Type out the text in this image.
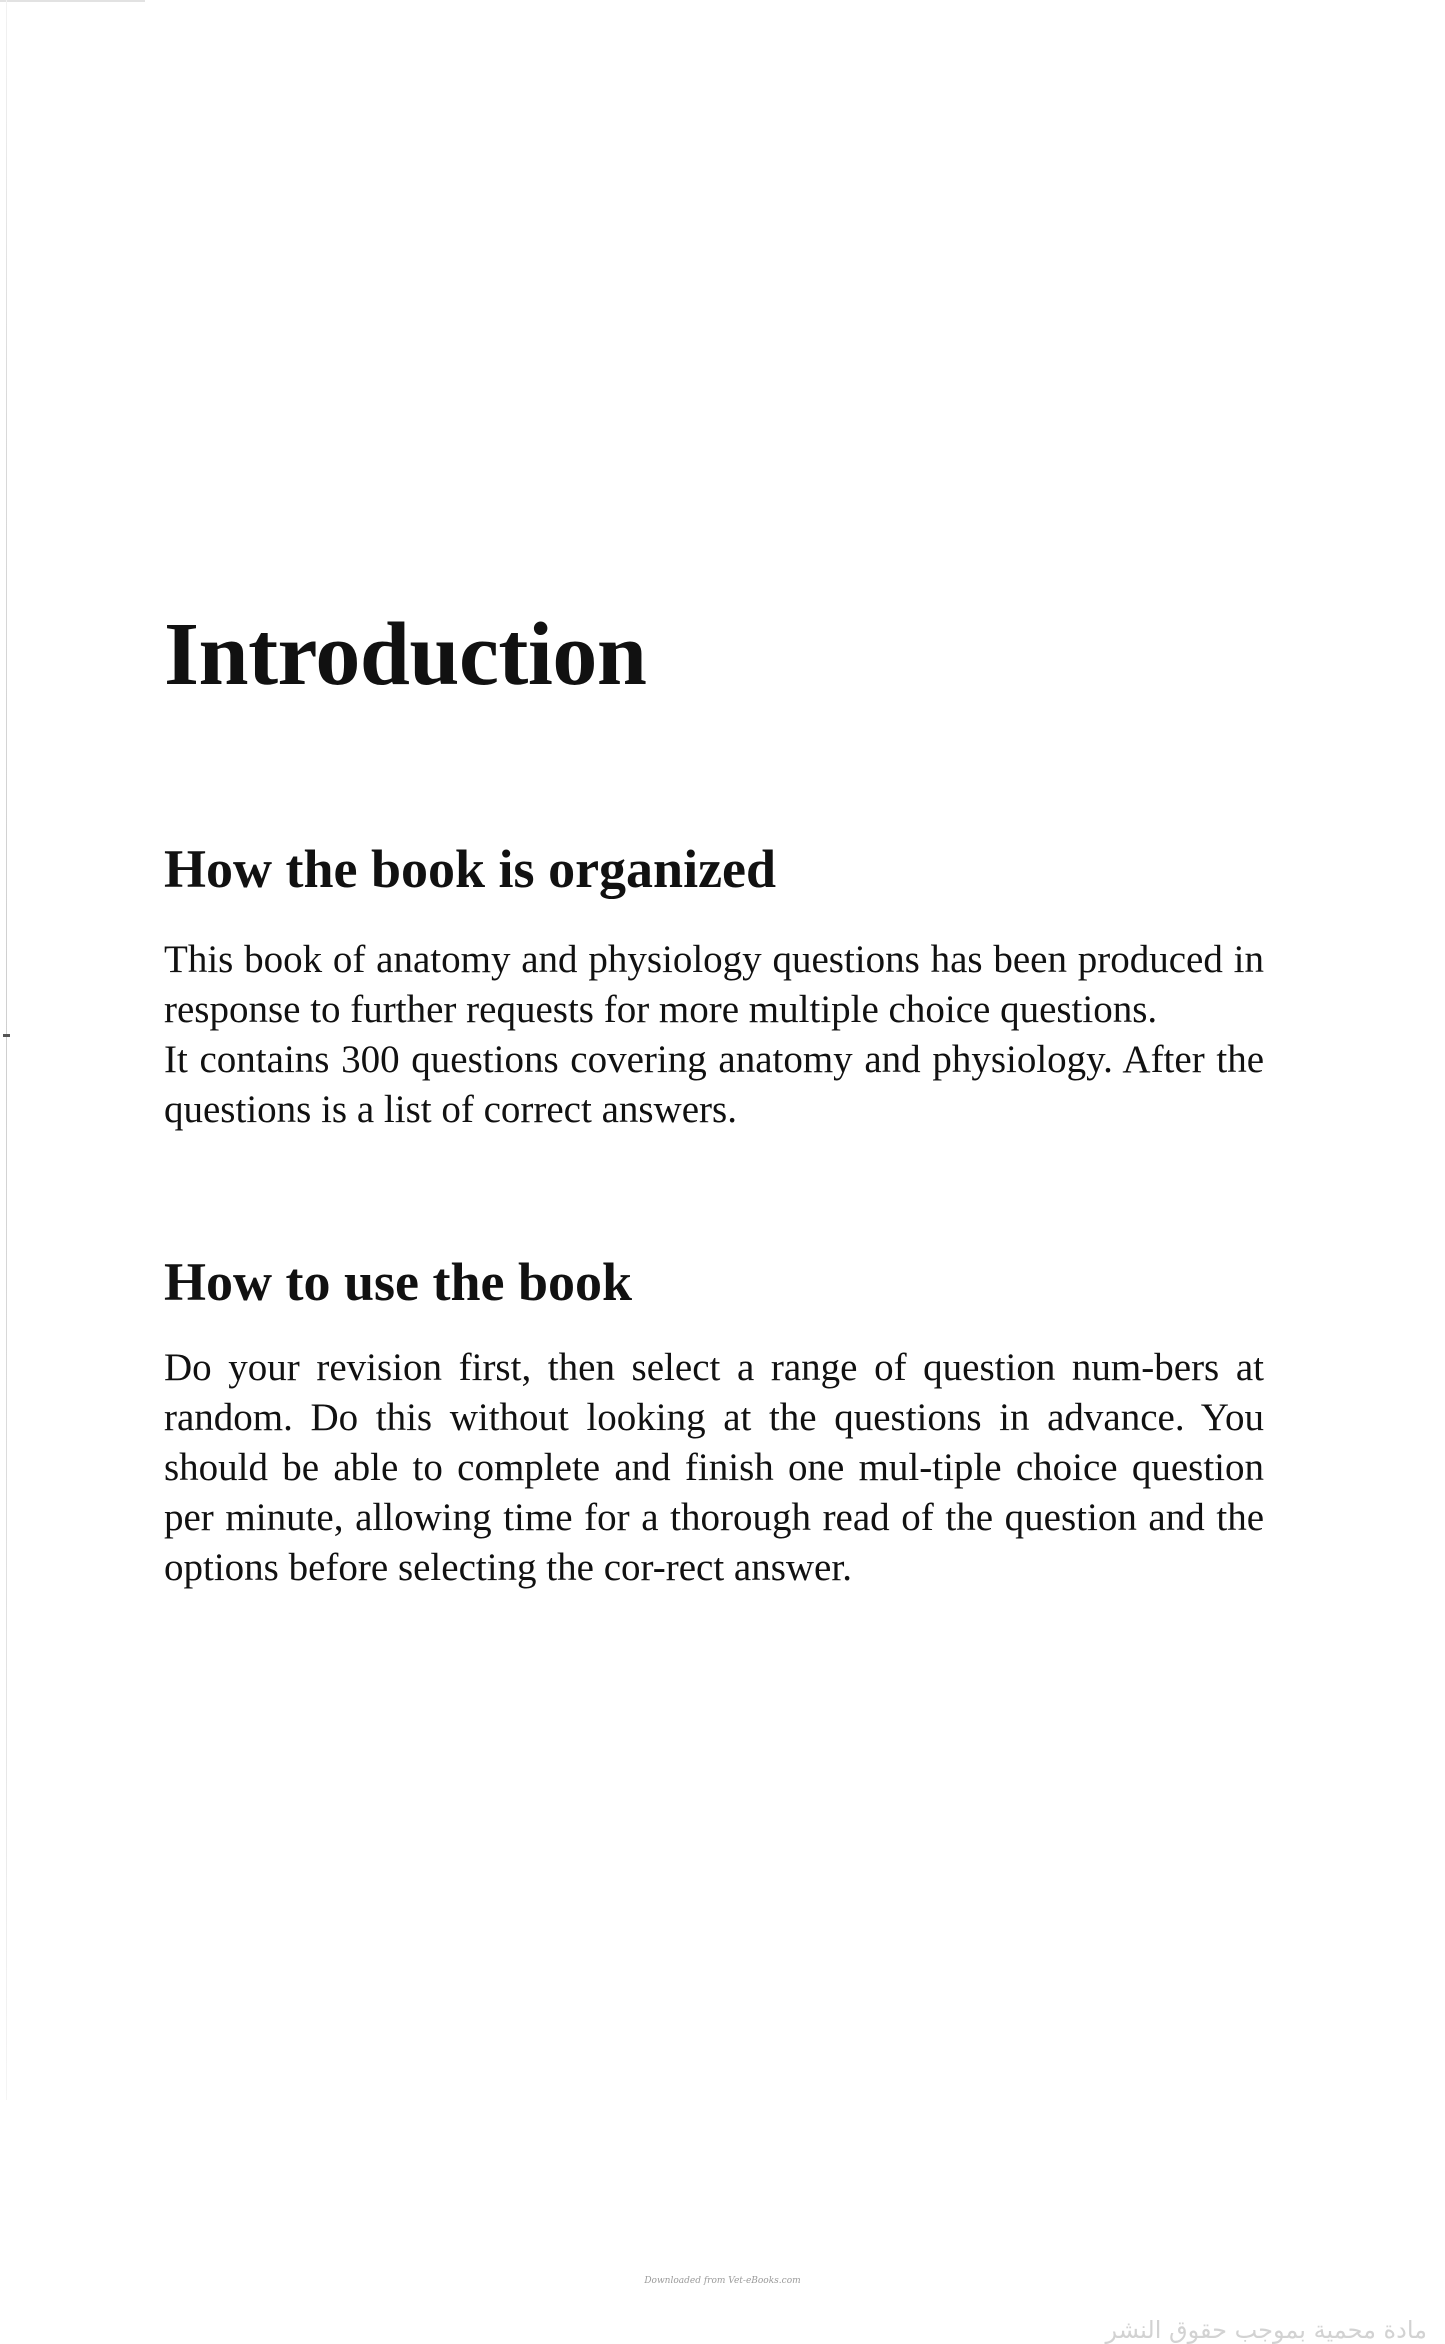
Introduction
How the book is organized

This book of anatomy and physiology questions has been produced in response to further requests for more multiple choice questions.

It contains 300 questions covering anatomy and physiology. After the questions is a list of correct answers.

How to use the book

Do your revision first, then select a range of question num-bers at random. Do this without looking at the questions in advance. You should be able to complete and finish one mul-tiple choice question per minute, allowing time for a thorough read of the question and the options before selecting the cor-rect answer.

Downloaded from Vet-eBooks.com
مادة محمية بموجب حقوق النشر
